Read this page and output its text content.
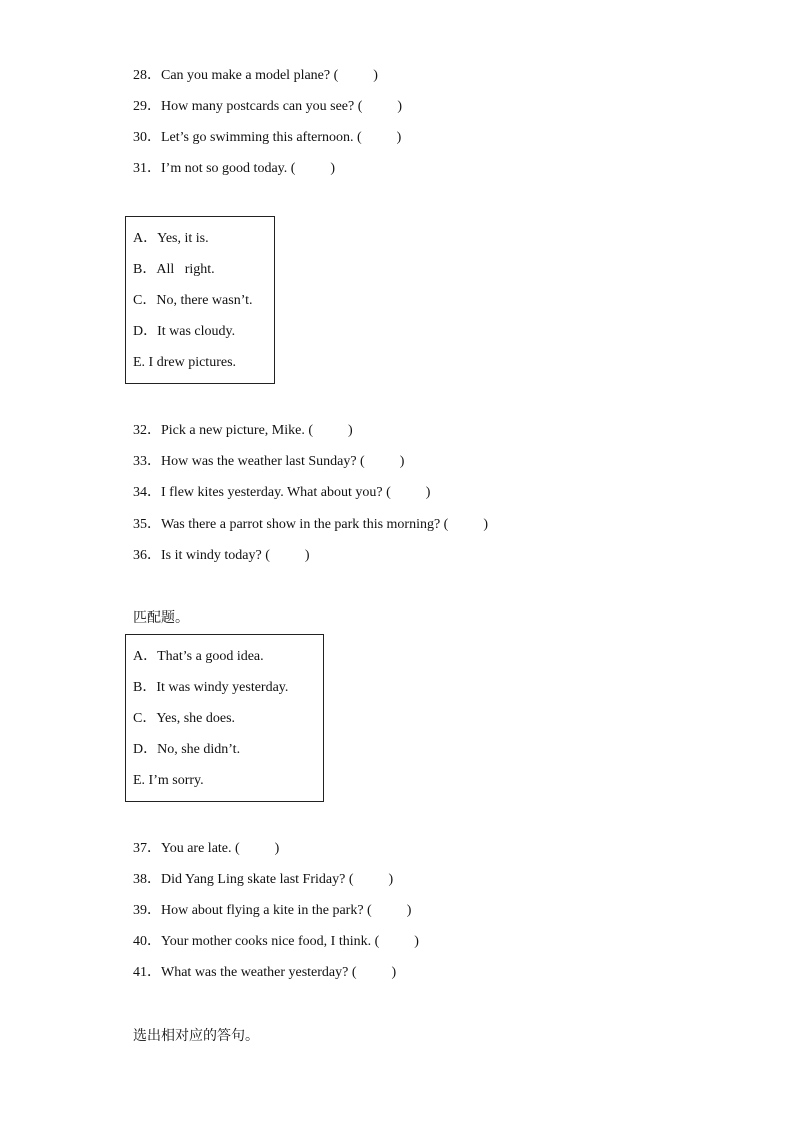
28．Can you make a model plane? (          )
29．How many postcards can you see? (          )
30．Let’s go swimming this afternoon. (          )
31．I’m not so good today. (          )
A．Yes, it is.
B．All   right.
C．No, there wasn’t.
D．It was cloudy.
E. I drew pictures.
32．Pick a new picture, Mike. (          )
33．How was the weather last Sunday? (          )
34．I flew kites yesterday. What about you? (          )
35．Was there a parrot show in the park this morning? (          )
36．Is it windy today? (          )
匹配题。
A．That’s a good idea.
B．It was windy yesterday.
C．Yes, she does.
D．No, she didn’t.
E. I’m sorry.
37．You are late. (          )
38．Did Yang Ling skate last Friday? (          )
39．How about flying a kite in the park? (          )
40．Your mother cooks nice food, I think. (          )
41．What was the weather yesterday? (          )
选出相对应的答句。
